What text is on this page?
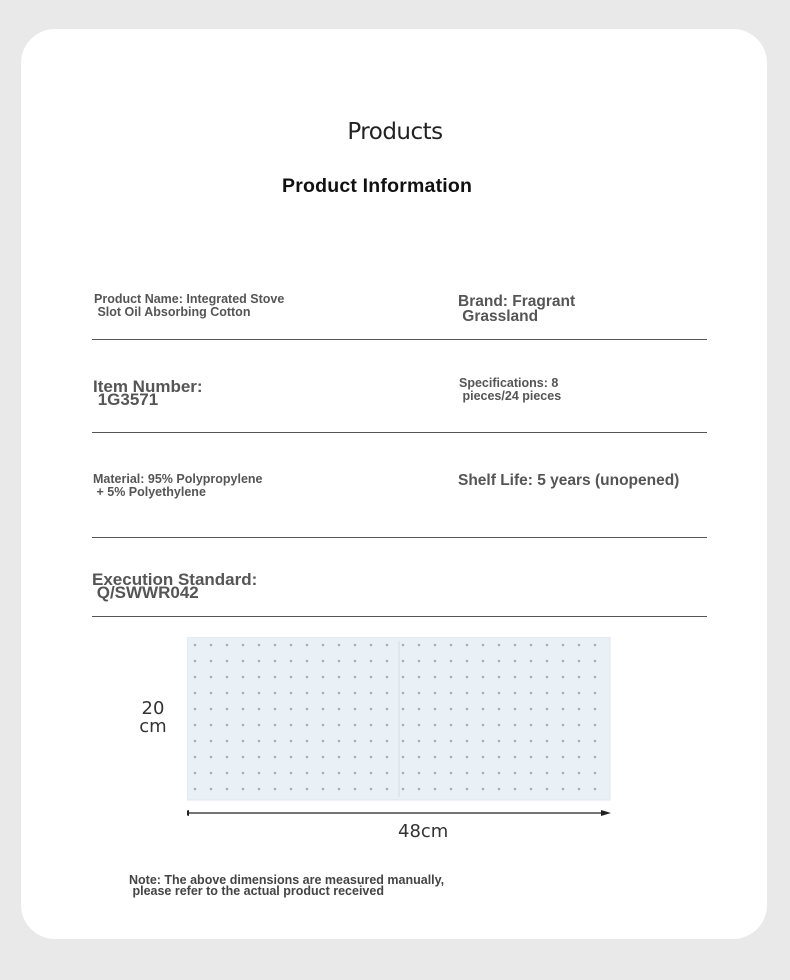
Products
Product Information
Product Name: Integrated Stove
Slot Oil Absorbing Cotton
Brand: Fragrant
Grassland
Item Number:
1G3571
Specifications: 8
pieces/24 pieces
Material: 95% Polypropylene
+ 5% Polyethylene
Shelf Life: 5 years (unopened)
Execution Standard:
Q/SWWR042
20
cm
48cm
Note: The above dimensions are measured manually,
please refer to the actual product received
